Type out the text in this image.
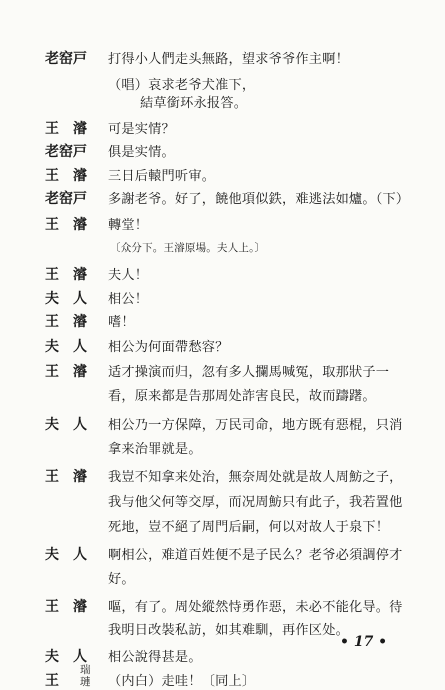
老窑戸 打得小人們走头無路，望求爷爷作主啊！
（唱）哀求老爷犬准下，
結草銜环永报答。
王　濬 可是实情？
老窑戸 俱是实情。
王　濬 三日后轅門听审。
老窑戸 多謝老爷。好了，饒他項似鉄，难逃法如爐。（下）
王　濬 轉堂！
〔众分下。王濬原場。夫人上。〕
王　濬 夫人！
夫　人 相公！
王　濬 嗜！
夫　人 相公为何面帶愁容？
王　濬 适才操演而归，忽有多人攔馬喊冤，取那狀子一
看，原来都是告那周处詐害良民，故而躊躇。
夫　人 相公乃一方保障，万民司命，地方既有惡棍，只消
拿来治罪就是。
王　濬 我豈不知拿来处治，無奈周处就是故人周魴之子，
我与他父何等交厚，而况周魴只有此子，我若置他
死地，豈不絕了周門后嗣，何以对故人于泉下！
夫　人 啊相公，难道百姓便不是子民么？老爷必須調停才
好。
王　濬 嘔，有了。周处縱然恃勇作惡，未必不能化导。待
我明日改裝私訪，如其难馴，再作区处。
夫　人 相公說得甚是。
王
瑞
璉 （内白）走哇！〔同上〕
• 17 •
